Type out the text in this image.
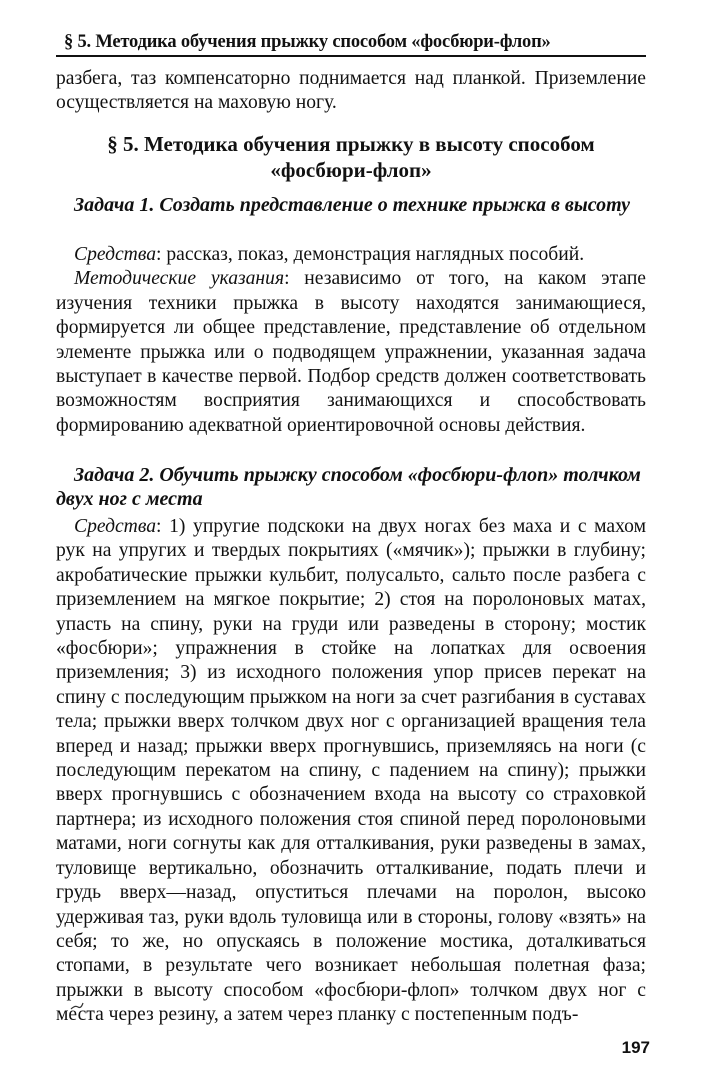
§ 5. Методика обучения прыжку способом «фосбюри-флоп»

разбега, таз компенсаторно поднимается над планкой. Приземление осуществляется на маховую ногу.

§ 5. Методика обучения прыжку в высоту способом «фосбюри-флоп»

Задача 1. Создать представление о технике прыжка в высоту

Средства: рассказ, показ, демонстрация наглядных пособий.

Методические указания: независимо от того, на каком этапе изучения техники прыжка в высоту находятся занимающиеся, формируется ли общее представление, представление об отдельном элементе прыжка или о подводящем упражнении, указанная задача выступает в качестве первой. Подбор средств должен соответствовать возможностям восприятия занимающихся и способствовать формированию адекватной ориентировочной основы действия.

Задача 2. Обучить прыжку способом «фосбюри-флоп» толчком двух ног с места

Средства: 1) упругие подскоки на двух ногах без маха и с махом рук на упругих и твердых покрытиях («мячик»); прыжки в глубину; акробатические прыжки кульбит, полусальто, сальто после разбега с приземлением на мягкое покрытие; 2) стоя на поролоновых матах, упасть на спину, руки на груди или разведены в сторону; мостик «фосбюри»; упражнения в стойке на лопатках для освоения приземления; 3) из исходного положения упор присев перекат на спину с последующим прыжком на ноги за счет разгибания в суставах тела; прыжки вверх толчком двух ног с организацией вращения тела вперед и назад; прыжки вверх прогнувшись, приземляясь на ноги (с последующим перекатом на спину, с падением на спину); прыжки вверх прогнувшись с обозначением входа на высоту со страховкой партнера; из исходного положения стоя спиной перед поролоновыми матами, ноги согнуты как для отталкивания, руки разведены в замах, туловище вертикально, обозначить отталкивание, подать плечи и грудь вверх—назад, опуститься плечами на поролон, высоко удерживая таз, руки вдоль туловища или в стороны, голову «взять» на себя; то же, но опускаясь в положение мостика, доталкиваться стопами, в результате чего возникает небольшая полетная фаза; прыжки в высоту способом «фосбюри-флоп» толчком двух ног с места через резину, а затем через планку с постепенным подъ-

197
